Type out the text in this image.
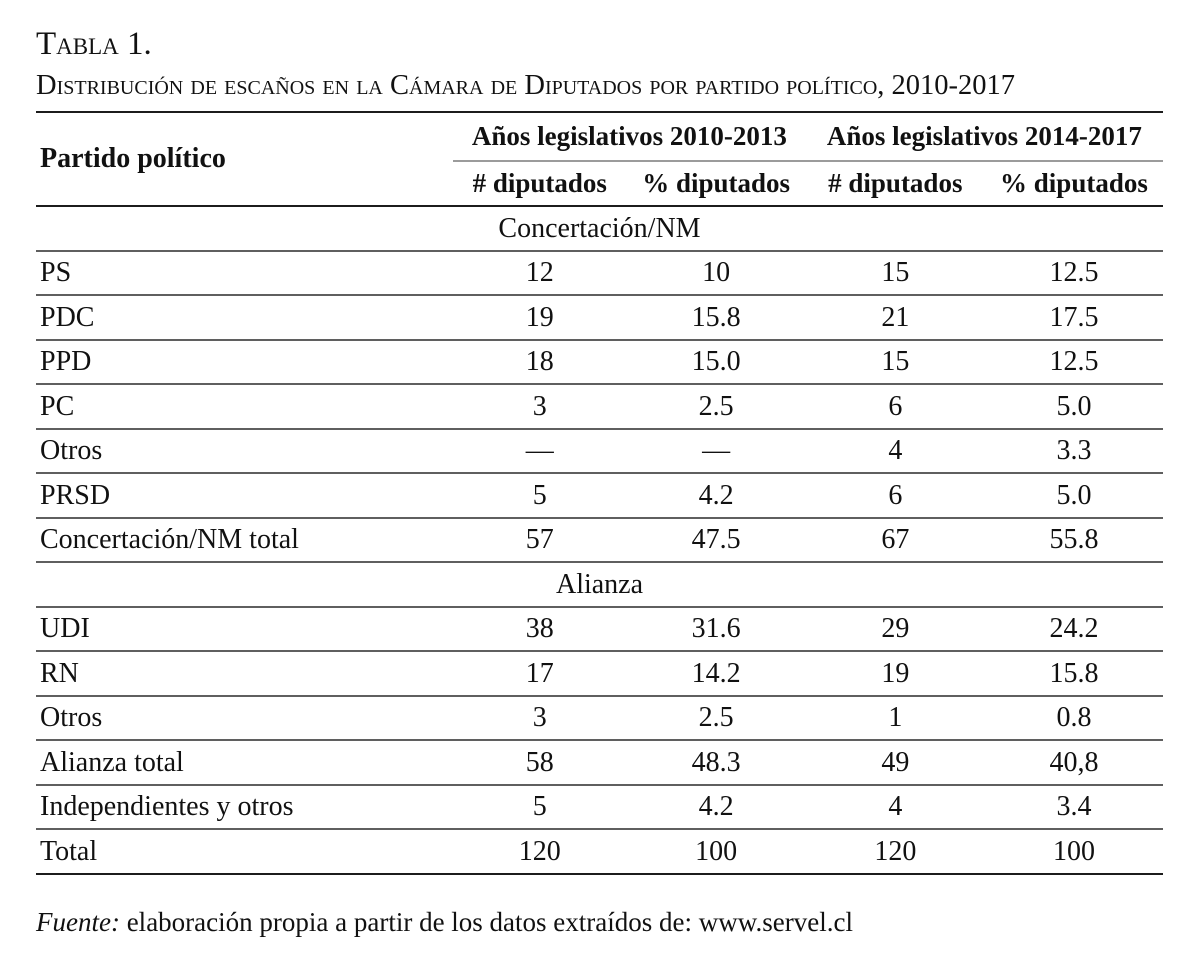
Tabla 1.
Distribución de escaños en la Cámara de Diputados por partido político, 2010-2017
Partido político	Años legislativos 2010-2013		Años legislativos 2014-2017	
	# diputados	% diputados	# diputados	% diputados
Concertación/NM				
PS	12	10	15	12.5
PDC	19	15.8	21	17.5
PPD	18	15.0	15	12.5
PC	3	2.5	6	5.0
Otros	—	—	4	3.3
PRSD	5	4.2	6	5.0
Concertación/NM total	57	47.5	67	55.8
Alianza				
UDI	38	31.6	29	24.2
RN	17	14.2	19	15.8
Otros	3	2.5	1	0.8
Alianza total	58	48.3	49	40,8
Independientes y otros	5	4.2	4	3.4
Total	120	100	120	100
Fuente: elaboración propia a partir de los datos extraídos de: www.servel.cl
